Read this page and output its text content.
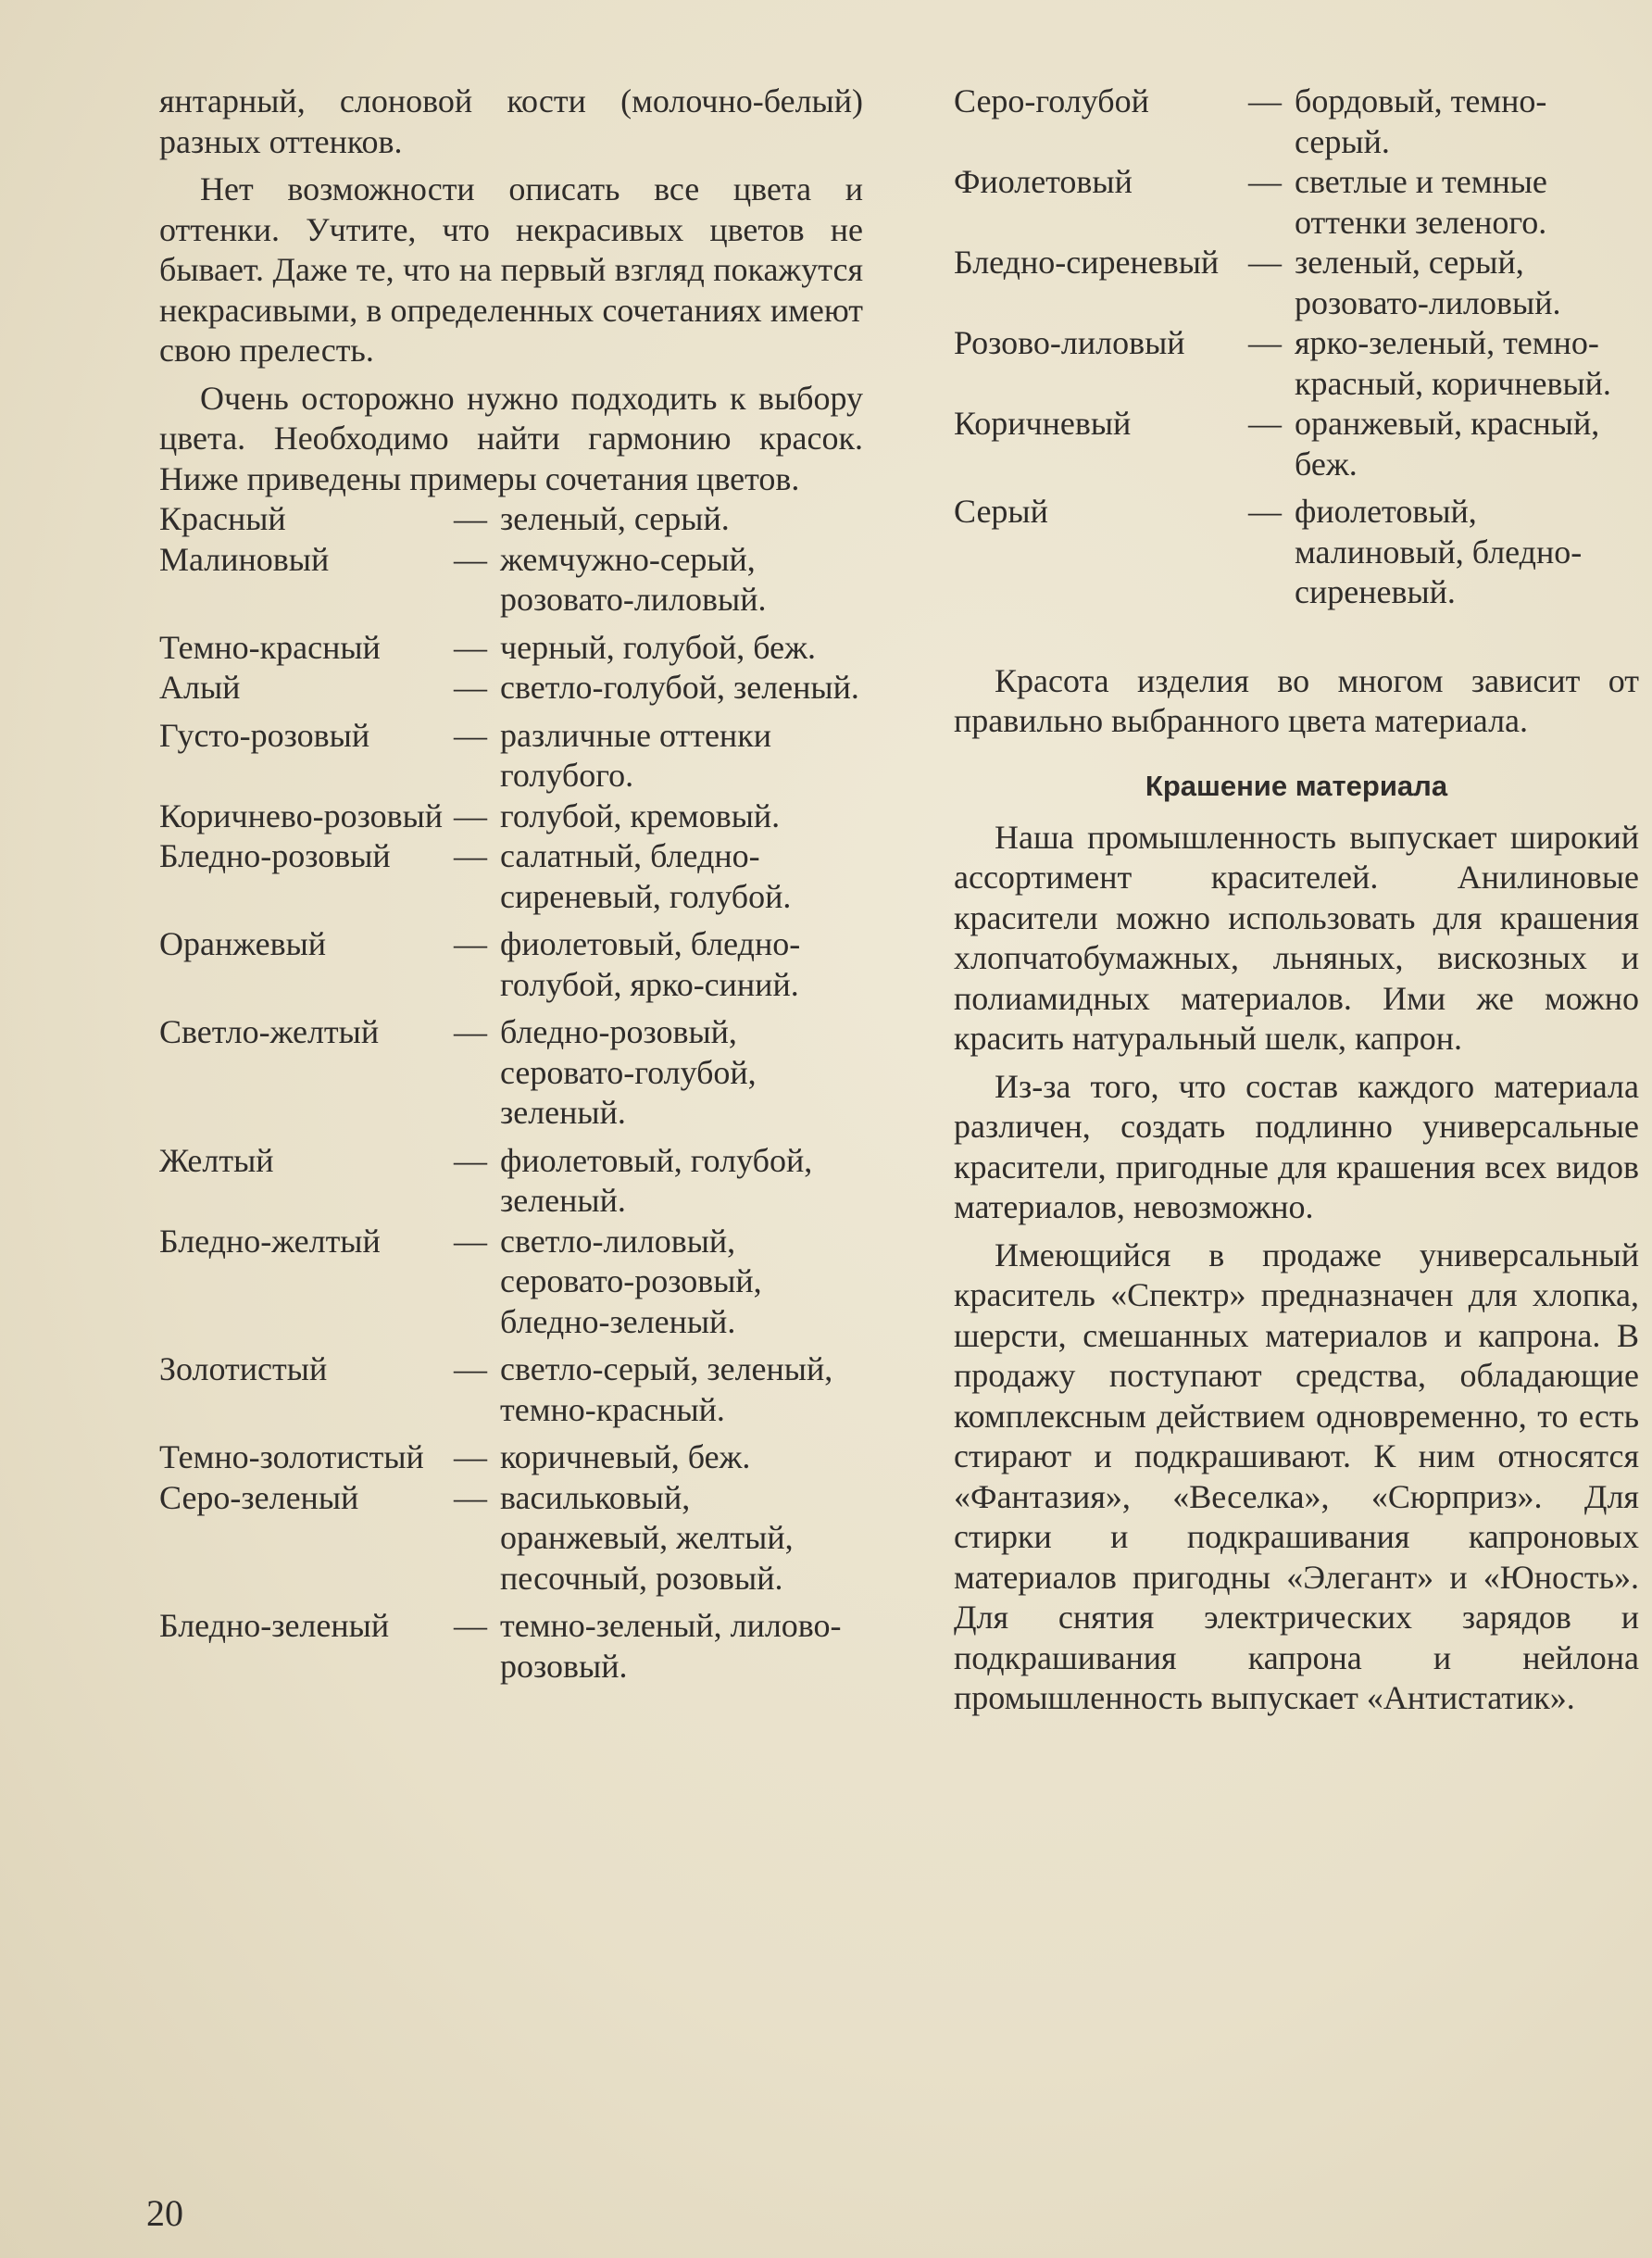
янтарный, слоновой кости (молочно-белый) разных оттенков.

Нет возможности описать все цвета и оттенки. Учтите, что некрасивых цветов не бывает. Даже те, что на первый взгляд покажутся некрасивыми, в определенных сочетаниях имеют свою прелесть.

Очень осторожно нужно подходить к выбору цвета. Необходимо найти гармонию красок. Ниже приведены примеры сочетания цветов.

Красный	— зеленый, серый.
Малиновый	— жемчужно-серый, розовато-лиловый.
Темно-красный	— черный, голубой, беж.
Алый	— светло-голубой, зеленый.
Густо-розовый	— различные оттенки голубого.
Коричнево-розовый — голубой, кремовый.
Бледно-розовый	— салатный, бледно-сиреневый, голубой.
Оранжевый	— фиолетовый, бледно-голубой, ярко-синий.
Светло-желтый	— бледно-розовый, серовато-голубой, зеленый.
Желтый	— фиолетовый, голубой, зеленый.
Бледно-желтый	— светло-лиловый, серовато-розовый, бледно-зеленый.
Золотистый	— светло-серый, зеленый, темно-красный.
Темно-золотистый — коричневый, беж.
Серо-зеленый	— васильковый, оранжевый, желтый, песочный, розовый.
Бледно-зеленый	— темно-зеленый, лилово-розовый.
Серо-голубой	— бордовый, темно-серый.
Фиолетовый	— светлые и темные оттенки зеленого.
Бледно-сиреневый — зеленый, серый, розовато-лиловый.
Розово-лиловый	— ярко-зеленый, темно-красный, коричневый.
Коричневый	— оранжевый, красный, беж.
Серый	— фиолетовый, малиновый, бледно-сиреневый.

Красота изделия во многом зависит от правильно выбранного цвета материала.

Крашение материала

Наша промышленность выпускает широкий ассортимент красителей. Анилиновые красители можно использовать для крашения хлопчатобумажных, льняных, вискозных и полиамидных материалов. Ими же можно красить натуральный шелк, капрон.

Из-за того, что состав каждого материала различен, создать подлинно универсальные красители, пригодные для крашения всех видов материалов, невозможно.

Имеющийся в продаже универсальный краситель «Спектр» предназначен для хлопка, шерсти, смешанных материалов и капрона. В продажу поступают средства, обладающие комплексным действием одновременно, то есть стирают и подкрашивают. К ним относятся «Фантазия», «Веселка», «Сюрприз». Для стирки и подкрашивания капроновых материалов пригодны «Элегант» и «Юность». Для снятия электрических зарядов и подкрашивания капрона и нейлона промышленность выпускает «Антистатик».

20
